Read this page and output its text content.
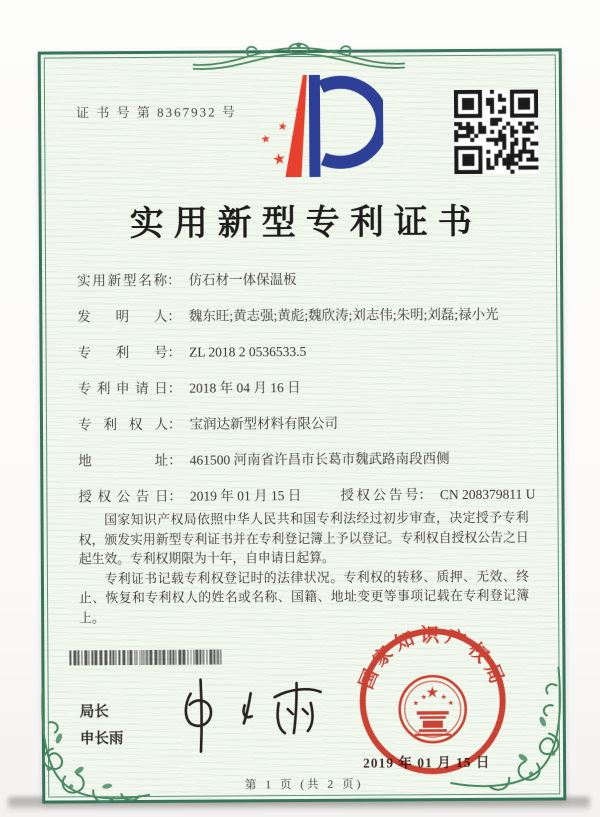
证 书 号 第 8367932 号	★
★
★ ★
★
实用新型专利证书
实用新型名称： 仿石材一体保温板
发明人： 魏东旺;黄志强;黄彪;魏欣涛;刘志伟;朱明;刘磊;禄小光
专利号： ZL 2018 2 0536533.5
专利申请日： 2018 年 04 月 16 日
专利权人： 宝润达新型材料有限公司
地址： 461500 河南省许昌市长葛市魏武路南段西侧
授权公告日： 2019 年 01 月 15 日	授权公告号： CN 208379811 U

国家知识产权局依照中华人民共和国专利法经过初步审查，决定授予专利权，颁发实用新型专利证书并在专利登记簿上予以登记。专利权自授权公告之日起生效。专利权期限为十年，自申请日起算。

专利证书记载专利权登记时的法律状况。专利权的转移、质押、无效、终止、恢复和专利权人的姓名或名称、国籍、地址变更等事项记载在专利登记簿上。

局长
申长雨
2019 年 01 月 15 日
国家知识产权局
★
★
★ ★
★
第 1 页 (共 2 页)
